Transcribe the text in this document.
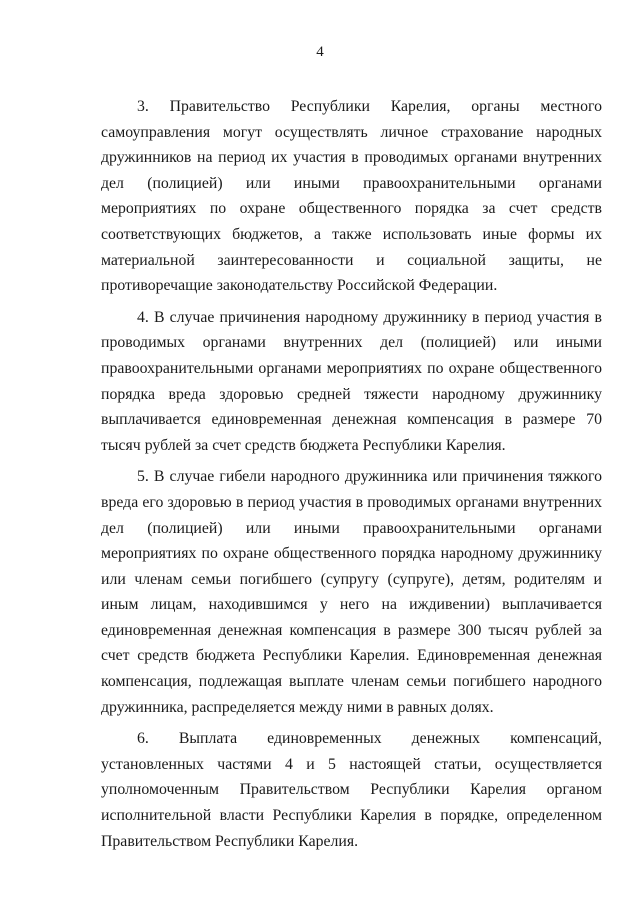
4

3. Правительство Республики Карелия, органы местного самоуправления могут осуществлять личное страхование народных дружинников на период их участия в проводимых органами внутренних дел (полицией) или иными правоохранительными органами мероприятиях по охране общественного порядка за счет средств соответствующих бюджетов, а также использовать иные формы их материальной заинтересованности и социальной защиты, не противоречащие законодательству Российской Федерации.

4. В случае причинения народному дружиннику в период участия в проводимых органами внутренних дел (полицией) или иными правоохранительными органами мероприятиях по охране общественного порядка вреда здоровью средней тяжести народному дружиннику выплачивается единовременная денежная компенсация в размере 70 тысяч рублей за счет средств бюджета Республики Карелия.

5. В случае гибели народного дружинника или причинения тяжкого вреда его здоровью в период участия в проводимых органами внутренних дел (полицией) или иными правоохранительными органами мероприятиях по охране общественного порядка народному дружиннику или членам семьи погибшего (супругу (супруге), детям, родителям и иным лицам, находившимся у него на иждивении) выплачивается единовременная денежная компенсация в размере 300 тысяч рублей за счет средств бюджета Республики Карелия. Единовременная денежная компенсация, подлежащая выплате членам семьи погибшего народного дружинника, распределяется между ними в равных долях.

6. Выплата единовременных денежных компенсаций, установленных частями 4 и 5 настоящей статьи, осуществляется уполномоченным Правительством Республики Карелия органом исполнительной власти Республики Карелия в порядке, определенном Правительством Республики Карелия.
